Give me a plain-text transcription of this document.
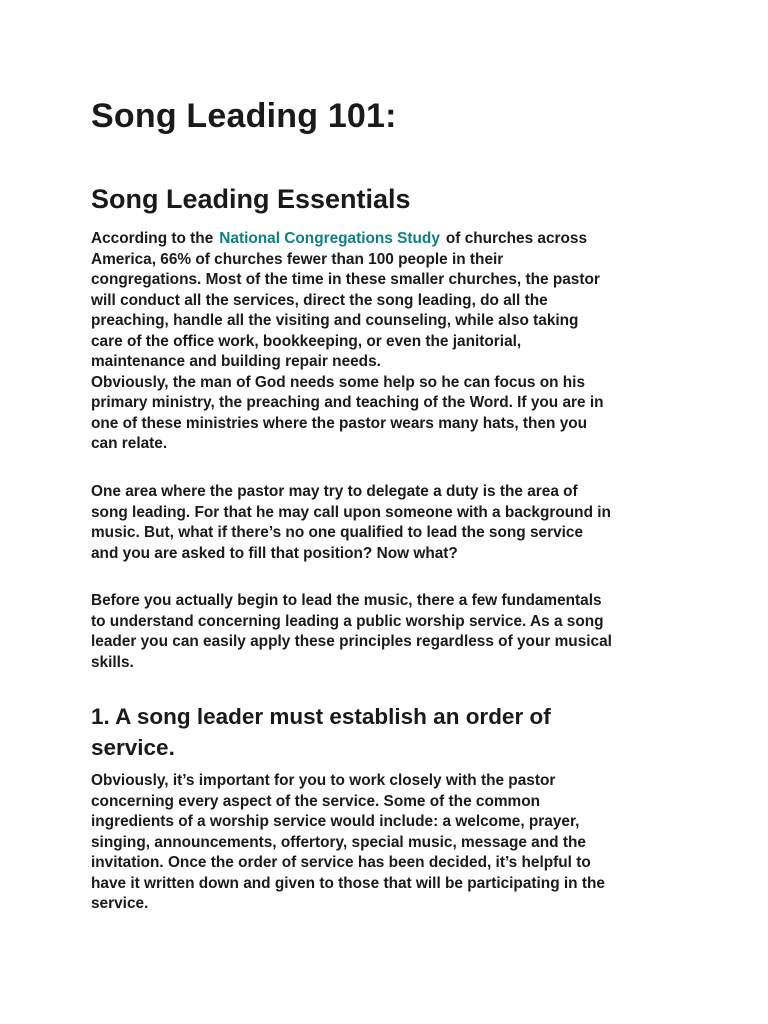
Song Leading 101:
Song Leading Essentials
According to the National Congregations Study of churches across
America, 66% of churches fewer than 100 people in their
congregations. Most of the time in these smaller churches, the pastor
will conduct all the services, direct the song leading, do all the
preaching, handle all the visiting and counseling, while also taking
care of the office work, bookkeeping, or even the janitorial,
maintenance and building repair needs.
Obviously, the man of God needs some help so he can focus on his
primary ministry, the preaching and teaching of the Word. If you are in
one of these ministries where the pastor wears many hats, then you
can relate.
One area where the pastor may try to delegate a duty is the area of
song leading. For that he may call upon someone with a background in
music. But, what if there’s no one qualified to lead the song service
and you are asked to fill that position? Now what?
Before you actually begin to lead the music, there a few fundamentals
to understand concerning leading a public worship service. As a song
leader you can easily apply these principles regardless of your musical
skills.
1. A song leader must establish an order of
service.
Obviously, it’s important for you to work closely with the pastor
concerning every aspect of the service. Some of the common
ingredients of a worship service would include: a welcome, prayer,
singing, announcements, offertory, special music, message and the
invitation. Once the order of service has been decided, it’s helpful to
have it written down and given to those that will be participating in the
service.
